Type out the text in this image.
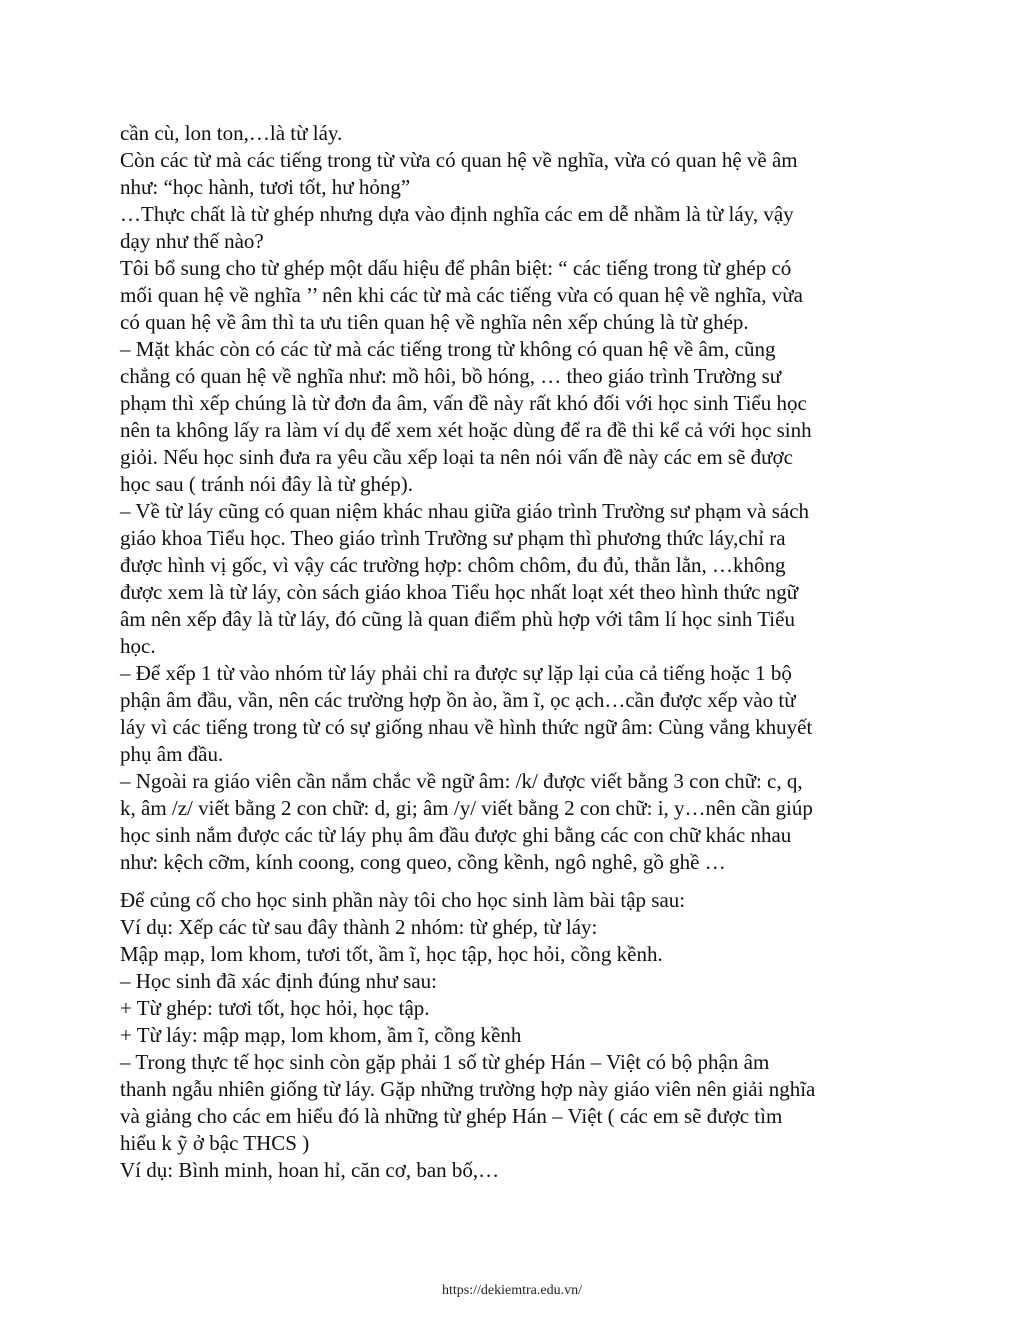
cần cù, lon ton,…là từ láy.

Còn các từ mà các tiếng trong từ vừa có quan hệ về nghĩa, vừa có quan hệ về âm

như: “học hành, tươi tốt, hư hỏng”

…Thực chất là từ ghép nhưng dựa vào định nghĩa các em dễ nhầm là từ láy, vậy

dạy như thế nào?

Tôi bổ sung cho từ ghép một dấu hiệu để phân biệt: “ các tiếng trong từ ghép có

mối quan hệ về nghĩa ’’ nên khi các từ mà các tiếng vừa có quan hệ về nghĩa, vừa

có quan hệ về âm thì ta ưu tiên quan hệ về nghĩa nên xếp chúng là từ ghép.

– Mặt khác còn có các từ mà các tiếng trong từ không có quan hệ về âm, cũng

chẳng có quan hệ về nghĩa như: mồ hôi, bồ hóng, … theo giáo trình Trường sư

phạm thì xếp chúng là từ đơn đa âm, vấn đề này rất khó đối với học sinh Tiểu học

nên ta không lấy ra làm ví dụ để xem xét hoặc dùng để ra đề thi kể cả với học sinh

giỏi. Nếu học sinh đưa ra yêu cầu xếp loại ta nên nói vấn đề này các em sẽ được

học sau ( tránh nói đây là từ ghép).

– Về từ láy cũng có quan niệm khác nhau giữa giáo trình Trường sư phạm và sách

giáo khoa Tiểu học. Theo giáo trình Trường sư phạm thì phương thức láy,chỉ ra

được hình vị gốc, vì vậy các trường hợp: chôm chôm, đu đủ, thằn lằn, …không

được xem là từ láy, còn sách giáo khoa Tiểu học nhất loạt xét theo hình thức ngữ

âm nên xếp đây là từ láy, đó cũng là quan điểm phù hợp với tâm lí học sinh Tiểu

học.

– Để xếp 1 từ vào nhóm từ láy phải chỉ ra được sự lặp lại của cả tiếng hoặc 1 bộ

phận âm đầu, vần, nên các trường hợp ồn ào, ầm ĩ, ọc ạch…cần được xếp vào từ

láy vì các tiếng trong từ có sự giống nhau về hình thức ngữ âm: Cùng vắng khuyết

phụ âm đầu.

– Ngoài ra giáo viên cần nắm chắc về ngữ âm: /k/ được viết bằng 3 con chữ: c, q,

k, âm /z/ viết bằng 2 con chữ: d, gi; âm /y/ viết bằng 2 con chữ: i, y…nên cần giúp

học sinh nắm được các từ láy phụ âm đầu được ghi bằng các con chữ khác nhau

như: kệch cỡm, kính coong, cong queo, cồng kềnh, ngô nghê, gồ ghề …

Để củng cố cho học sinh phần này tôi cho học sinh làm bài tập sau:

Ví dụ: Xếp các từ sau đây thành 2 nhóm: từ ghép, từ láy:

Mập mạp, lom khom, tươi tốt, ầm ĩ, học tập, học hỏi, cồng kềnh.

– Học sinh đã xác định đúng như sau:

+ Từ ghép: tươi tốt, học hỏi, học tập.

+ Từ láy: mập mạp, lom khom, ầm ĩ, cồng kềnh

– Trong thực tế học sinh còn gặp phải 1 số từ ghép Hán – Việt có bộ phận âm

thanh ngẫu nhiên giống từ láy. Gặp những trường hợp này giáo viên nên giải nghĩa

và giảng cho các em hiểu đó là những từ ghép Hán – Việt ( các em sẽ được tìm

hiểu k ỹ ở bậc THCS )

Ví dụ: Bình minh, hoan hỉ, căn cơ, ban bố,…

https://dekiemtra.edu.vn/
